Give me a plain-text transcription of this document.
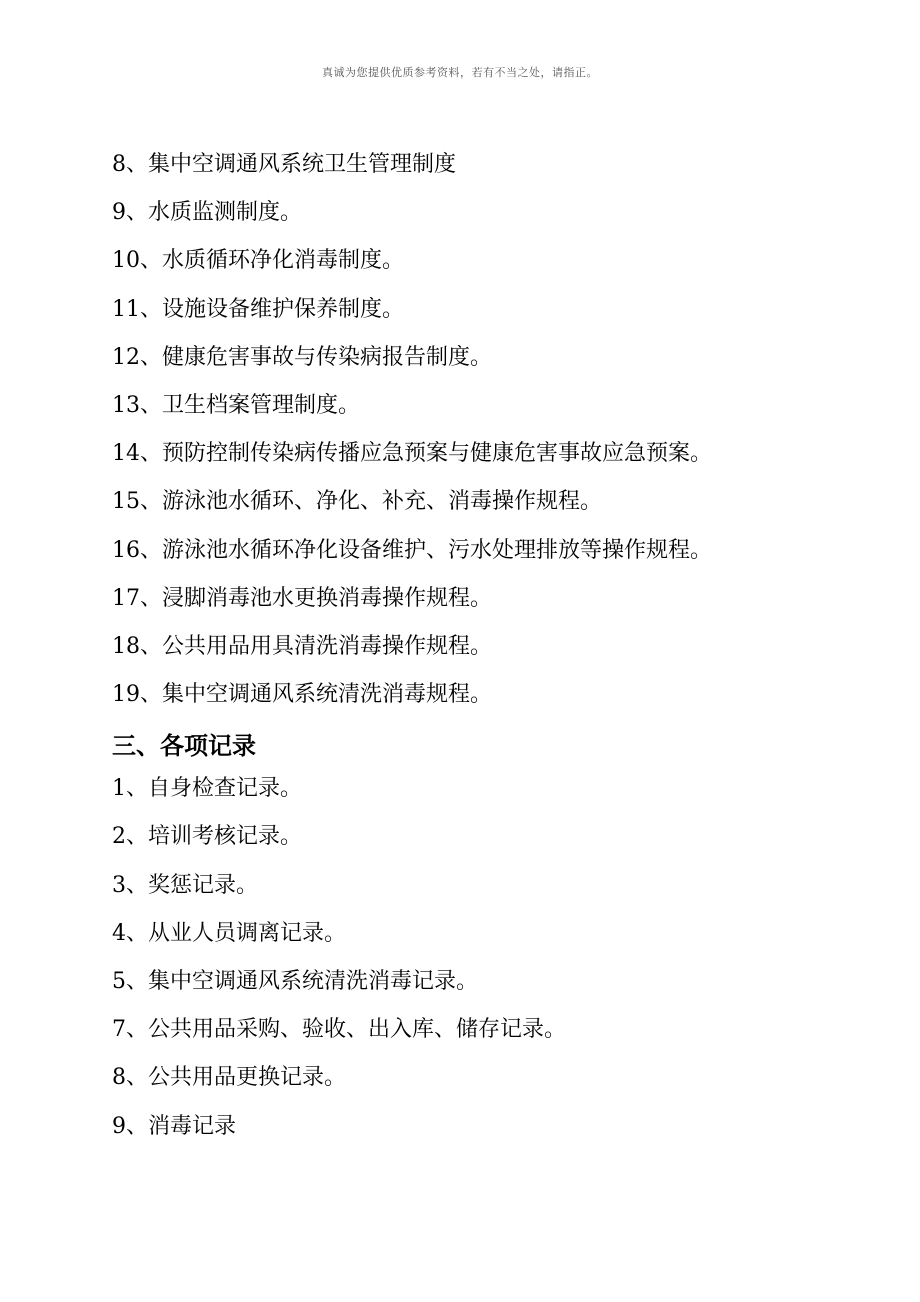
真诚为您提供优质参考资料，若有不当之处，请指正。
8、集中空调通风系统卫生管理制度
9、水质监测制度。
10、水质循环净化消毒制度。
11、设施设备维护保养制度。
12、健康危害事故与传染病报告制度。
13、卫生档案管理制度。
14、预防控制传染病传播应急预案与健康危害事故应急预案。
15、游泳池水循环、净化、补充、消毒操作规程。
16、游泳池水循环净化设备维护、污水处理排放等操作规程。
17、浸脚消毒池水更换消毒操作规程。
18、公共用品用具清洗消毒操作规程。
19、集中空调通风系统清洗消毒规程。
三、各项记录
1、自身检查记录。
2、培训考核记录。
3、奖惩记录。
4、从业人员调离记录。
5、集中空调通风系统清洗消毒记录。
7、公共用品采购、验收、出入库、储存记录。
8、公共用品更换记录。
9、消毒记录
